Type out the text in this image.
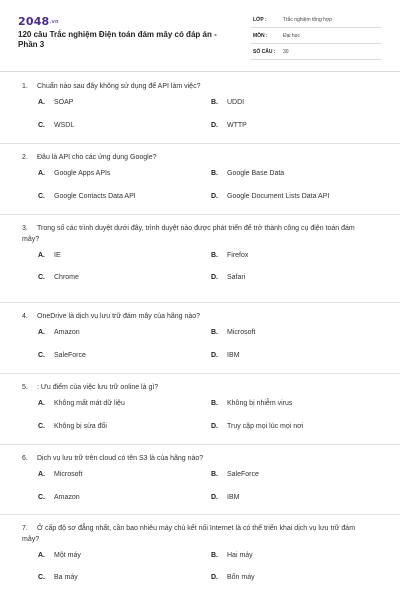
2048.vn
120 câu Trắc nghiệm Điện toán đám mây có đáp án - Phần 3
LỚP :	Trắc nghiệm tổng hợp
MÔN :	Đại học
SỐ CÂU :	30
1. Chuẩn nào sau đây không sử dụng để API làm việc?
A. SOAP	B. UDDI
C. WSDL	D. WTTP
2. Đâu là API cho các ứng dụng Google?
A. Google Apps APIs	B. Google Base Data
C. Google Contacts Data API	D. Google Document Lists Data API
3. Trong số các trình duyệt dưới đây, trình duyệt nào được phát triển để trở thành công cụ điện toán đám mây?
A. IE	B. Firefox
C. Chrome	D. Safari
4. OneDrive là dịch vụ lưu trữ đám mây của hãng nào?
A. Amazon	B. Microsoft
C. SaleForce	D. IBM
5. : Ưu điểm của việc lưu trữ online là gì?
A. Không mất mát dữ liệu	B. Không bị nhiễm virus
C. Không bị sửa đổi	D. Truy cập mọi lúc mọi nơi
6. Dịch vụ lưu trữ trên cloud có tên S3 là của hãng nào?
A. Microsoft	B. SaleForce
C. Amazon	D. IBM
7. Ở cấp độ sơ đẳng nhất, cần bao nhiêu máy chủ kết nối Internet là có thể triển khai dịch vụ lưu trữ đám mây?
A. Một máy	B. Hai máy
C. Ba máy	D. Bốn máy
